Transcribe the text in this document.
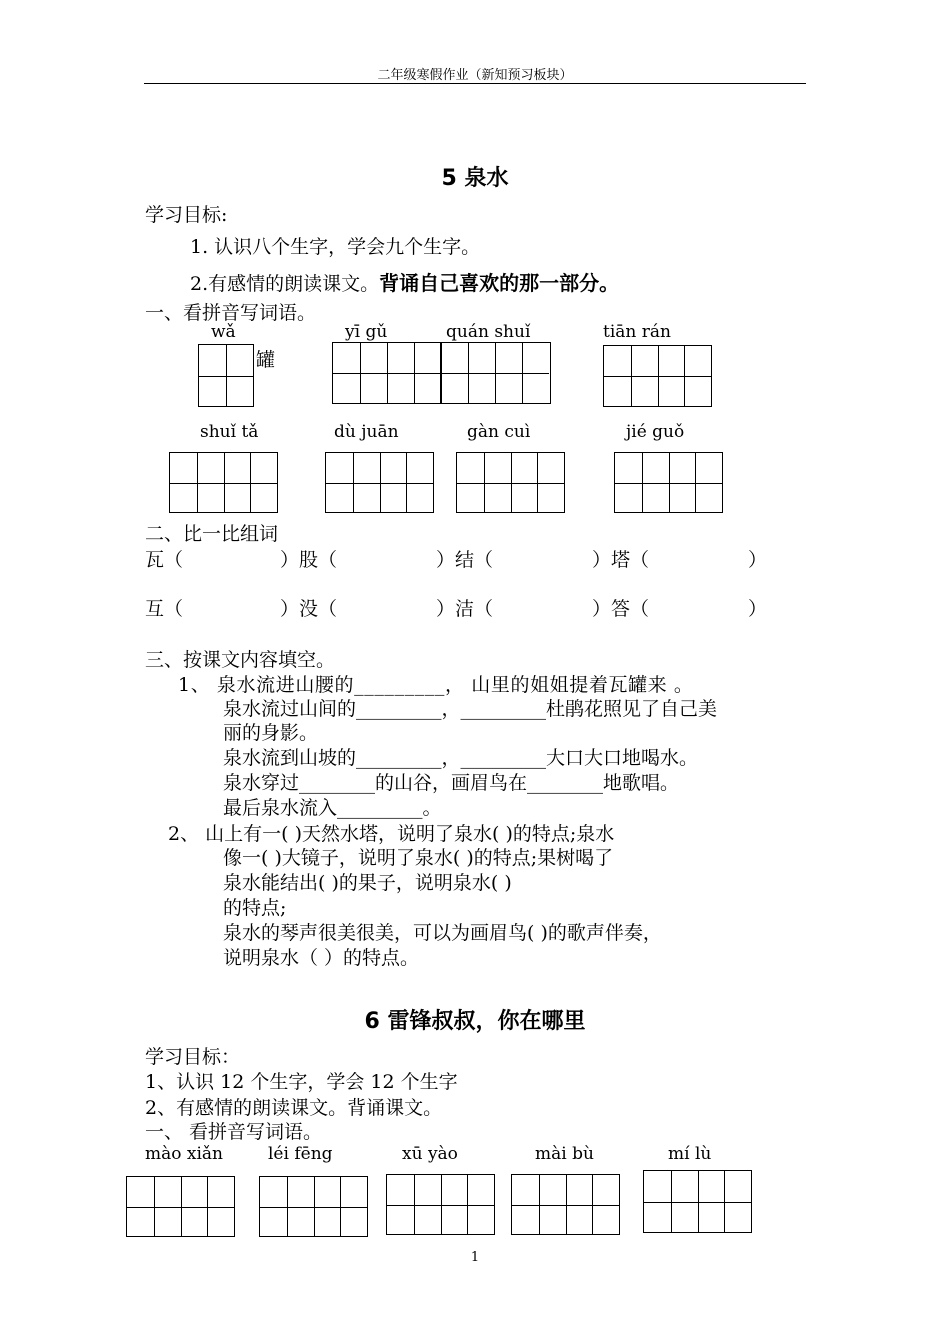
二年级寒假作业（新知预习板块）
5 泉水
学习目标:
1. 认识八个生字，学会九个生字。
2.有感情的朗读课文。背诵自己喜欢的那一部分。
一、看拼音写词语。
wǎ	yī gǔ	quán shuǐ	tiān rán
罐
shuǐ tǎ	dù juān	gàn cuì	jié guǒ
二、比一比组词
瓦（	）股（	）结（	）塔（	）
互（	）没（	）洁（	）答（	）
三、按课文内容填空。
1、 泉水流进山腰的_________， 山里的姐姐提着瓦罐来 。
泉水流过山间的_________，_________杜鹃花照见了自己美
丽的身影。
泉水流到山坡的_________，_________大口大口地喝水。
泉水穿过________的山谷，画眉鸟在________地歌唱。
最后泉水流入_________。
2、 山上有一( )天然水塔，说明了泉水( )的特点;泉水
像一( )大镜子，说明了泉水( )的特点;果树喝了
泉水能结出( )的果子，说明泉水( )
的特点;
泉水的琴声很美很美，可以为画眉鸟( )的歌声伴奏，
说明泉水（ ）的特点。
6 雷锋叔叔，你在哪里
学习目标：
1、认识 12 个生字，学会 12 个生字
2、有感情的朗读课文。背诵课文。
一、 看拼音写词语。
mào xiǎn	léi fēng	xū yào	mài bù	mí lù
1
